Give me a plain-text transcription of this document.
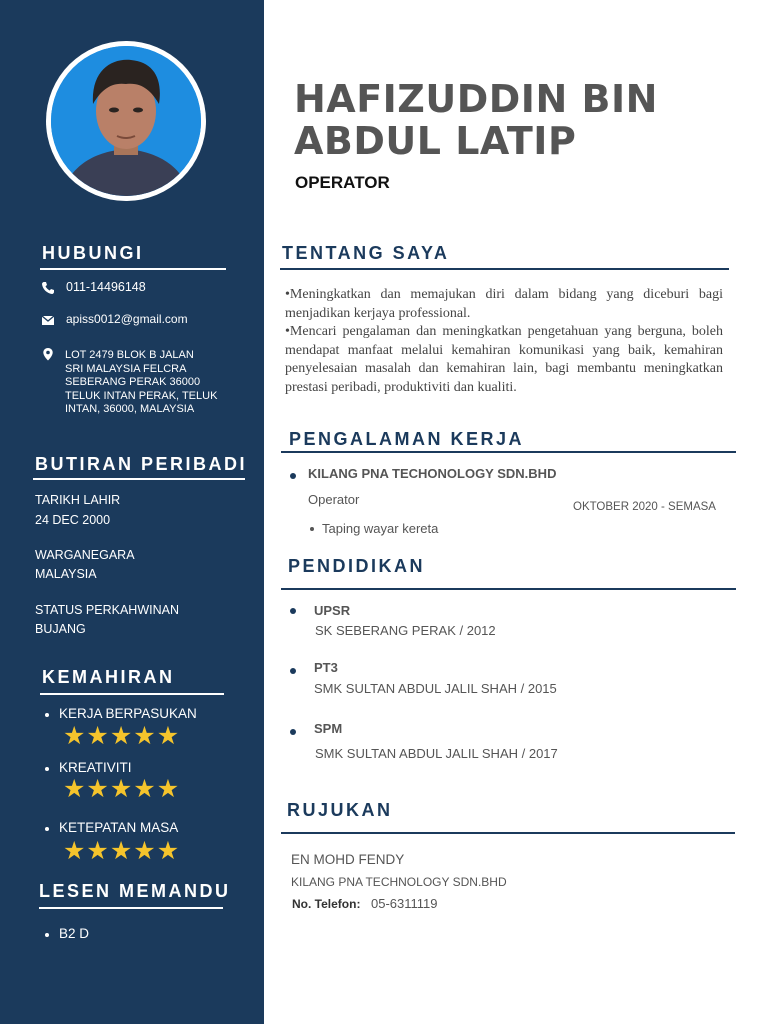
HUBUNGI
011-14496148
apiss0012@gmail.com
LOT 2479 BLOK B JALAN
SRI MALAYSIA FELCRA
SEBERANG PERAK 36000
TELUK INTAN PERAK, TELUK
INTAN, 36000, MALAYSIA
BUTIRAN PERIBADI
TARIKH LAHIR
24 DEC 2000
WARGANEGARA
MALAYSIA
STATUS PERKAHWINAN
BUJANG
KEMAHIRAN
KERJA BERPASUKAN
★★★★★
KREATIVITI
★★★★★
KETEPATAN MASA
★★★★★
LESEN MEMANDU
B2 D
HAFIZUDDIN BIN
ABDUL LATIP
OPERATOR
TENTANG SAYA
•Meningkatkan dan memajukan diri dalam bidang yang diceburi bagi menjadikan kerjaya professional.
•Mencari pengalaman dan meningkatkan pengetahuan yang berguna, boleh mendapat manfaat melalui kemahiran komunikasi yang baik, kemahiran penyelesaian masalah dan kemahiran lain, bagi membantu meningkatkan prestasi peribadi, produktiviti dan kualiti.
PENGALAMAN KERJA
KILANG PNA TECHONOLOGY SDN.BHD
Operator	OKTOBER 2020 - SEMASA
Taping wayar kereta
PENDIDIKAN
UPSR
SK SEBERANG PERAK / 2012
PT3
SMK SULTAN ABDUL JALIL SHAH / 2015
SPM
SMK SULTAN ABDUL JALIL SHAH / 2017
RUJUKAN
EN MOHD FENDY
KILANG PNA TECHNOLOGY SDN.BHD
No. Telefon: 05-6311119
